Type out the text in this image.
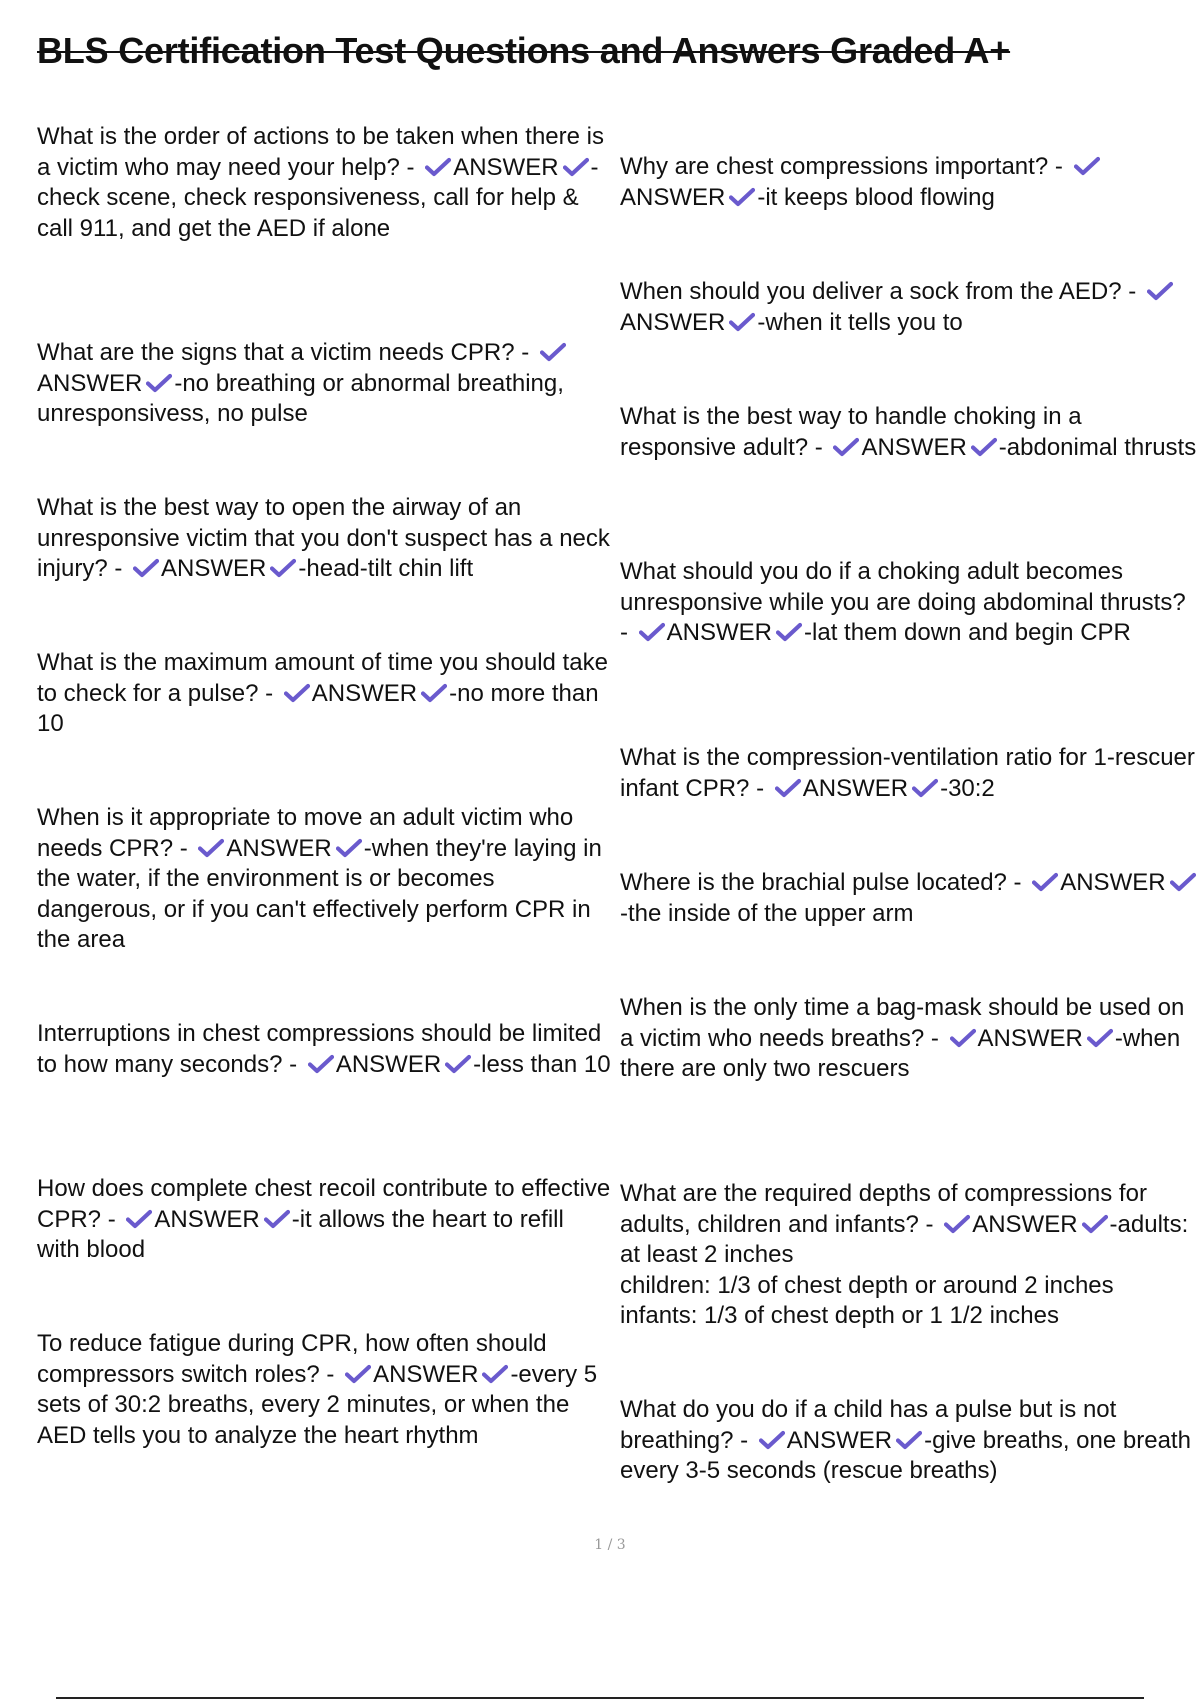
BLS Certification Test Questions and Answers Graded A+
What is the order of actions to be taken when there is a victim who may need your help? - ANSWER -check scene, check responsiveness, call for help & call 911, and get the AED if alone
What are the signs that a victim needs CPR? -
ANSWER -no breathing or abnormal breathing, unresponsivess, no pulse
What is the best way to open the airway of an unresponsive victim that you don't suspect has a neck injury? - ANSWER -head-tilt chin lift
What is the maximum amount of time you should take to check for a pulse? - ANSWER -no more than 10
When is it appropriate to move an adult victim who needs CPR? - ANSWER -when they're laying in the water, if the environment is or becomes dangerous, or if you can't effectively perform CPR in the area
Interruptions in chest compressions should be limited to how many seconds? - ANSWER -less than 10
How does complete chest recoil contribute to effective CPR? - ANSWER -it allows the heart to refill with blood
To reduce fatigue during CPR, how often should compressors switch roles? - ANSWER -every 5 sets of 30:2 breaths, every 2 minutes, or when the AED tells you to analyze the heart rhythm
Why are chest compressions important? -
ANSWER -it keeps blood flowing
When should you deliver a sock from the AED? -
ANSWER -when it tells you to
What is the best way to handle choking in a responsive adult? - ANSWER -abdonimal thrusts
What should you do if a choking adult becomes unresponsive while you are doing abdominal thrusts? - ANSWER -lat them down and begin CPR
What is the compression-ventilation ratio for 1-rescuer infant CPR? - ANSWER -30:2
Where is the brachial pulse located? - ANSWER
-the inside of the upper arm
When is the only time a bag-mask should be used on a victim who needs breaths? - ANSWER -when there are only two rescuers
What are the required depths of compressions for adults, children and infants? - ANSWER -adults: at least 2 inches
children: 1/3 of chest depth or around 2 inches
infants: 1/3 of chest depth or 1 1/2 inches
What do you do if a child has a pulse but is not breathing? - ANSWER -give breaths, one breath every 3-5 seconds (rescue breaths)
1 / 3
